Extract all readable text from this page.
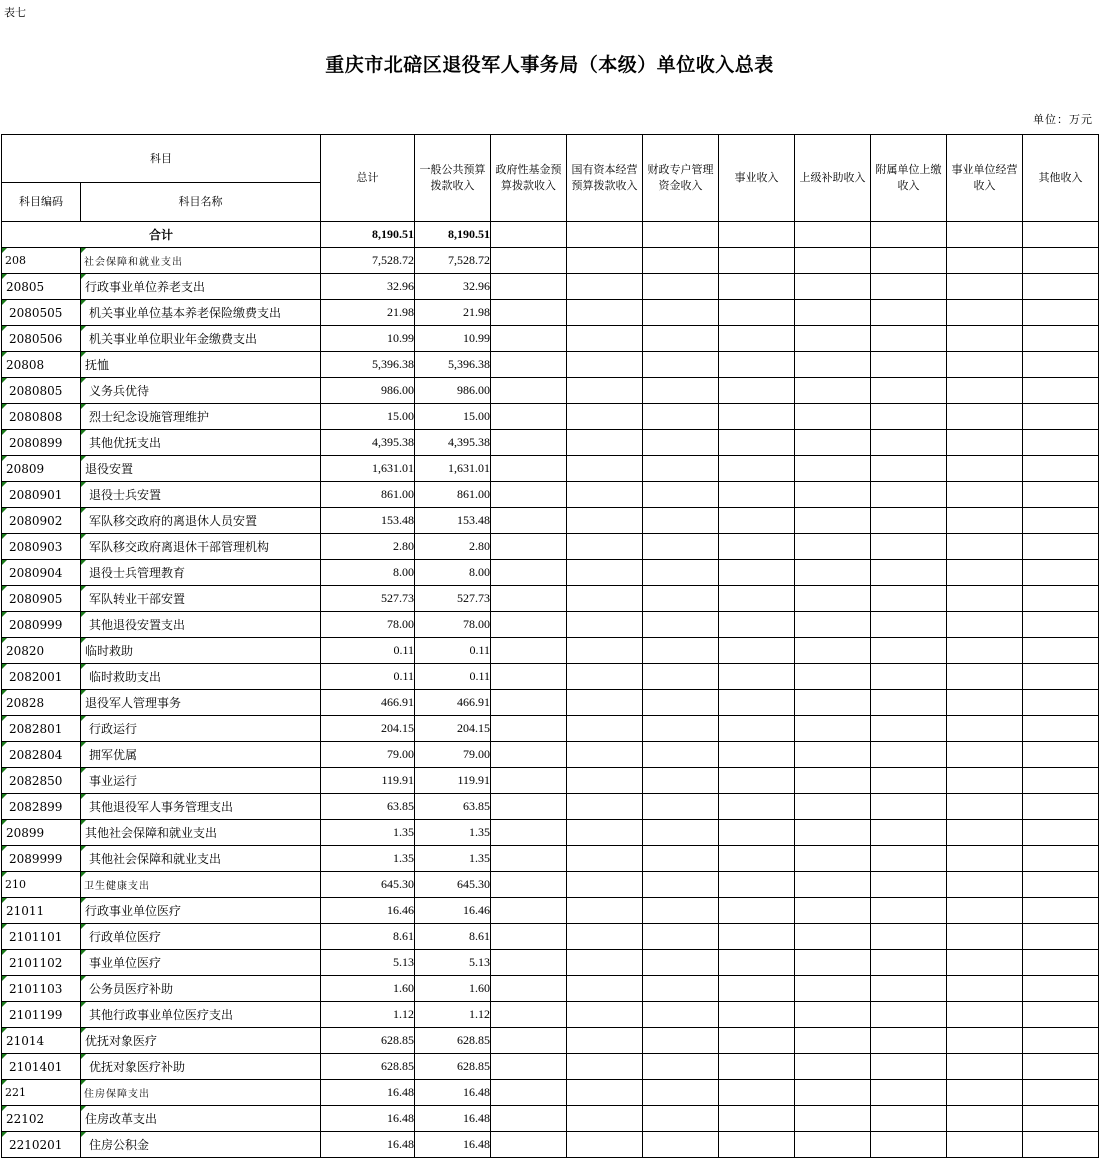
表七
重庆市北碚区退役军人事务局（本级）单位收入总表
单位：万元
科目		总计	一般公共预算拨款收入	政府性基金预算拨款收入	国有资本经营预算拨款收入	财政专户管理资金收入	事业收入	上级补助收入	附属单位上缴收入	事业单位经营收入	其他收入
科目编码	科目名称										
合计		8,190.51	8,190.51								
208	社会保障和就业支出	7,528.72	7,528.72								
20805	行政事业单位养老支出	32.96	32.96								
2080505	机关事业单位基本养老保险缴费支出	21.98	21.98								
2080506	机关事业单位职业年金缴费支出	10.99	10.99								
20808	抚恤	5,396.38	5,396.38								
2080805	义务兵优待	986.00	986.00								
2080808	烈士纪念设施管理维护	15.00	15.00								
2080899	其他优抚支出	4,395.38	4,395.38								
20809	退役安置	1,631.01	1,631.01								
2080901	退役士兵安置	861.00	861.00								
2080902	军队移交政府的离退休人员安置	153.48	153.48								
2080903	军队移交政府离退休干部管理机构	2.80	2.80								
2080904	退役士兵管理教育	8.00	8.00								
2080905	军队转业干部安置	527.73	527.73								
2080999	其他退役安置支出	78.00	78.00								
20820	临时救助	0.11	0.11								
2082001	临时救助支出	0.11	0.11								
20828	退役军人管理事务	466.91	466.91								
2082801	行政运行	204.15	204.15								
2082804	拥军优属	79.00	79.00								
2082850	事业运行	119.91	119.91								
2082899	其他退役军人事务管理支出	63.85	63.85								
20899	其他社会保障和就业支出	1.35	1.35								
2089999	其他社会保障和就业支出	1.35	1.35								
210	卫生健康支出	645.30	645.30								
21011	行政事业单位医疗	16.46	16.46								
2101101	行政单位医疗	8.61	8.61								
2101102	事业单位医疗	5.13	5.13								
2101103	公务员医疗补助	1.60	1.60								
2101199	其他行政事业单位医疗支出	1.12	1.12								
21014	优抚对象医疗	628.85	628.85								
2101401	优抚对象医疗补助	628.85	628.85								
221	住房保障支出	16.48	16.48								
22102	住房改革支出	16.48	16.48								
2210201	住房公积金	16.48	16.48								
